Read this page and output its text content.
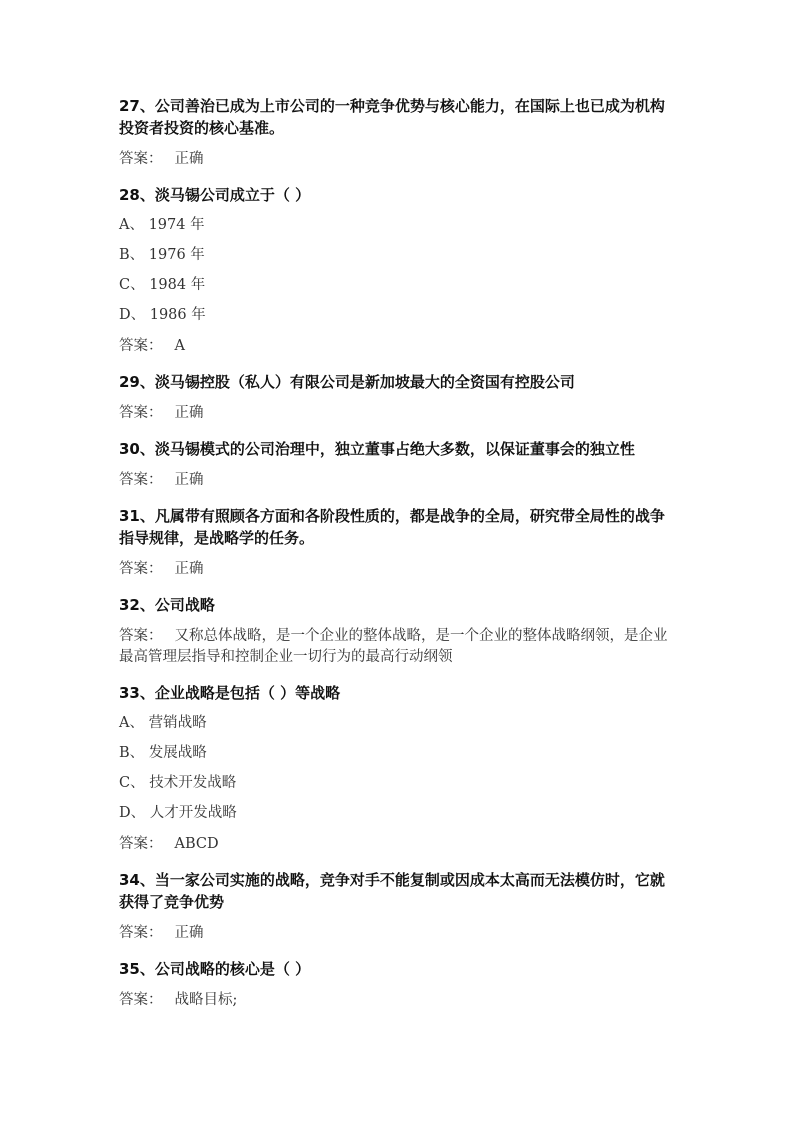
27、公司善治已成为上市公司的一种竞争优势与核心能力，在国际上也已成为机构投资者投资的核心基准。

答案： 正确

28、淡马锡公司成立于（ ）

A、 1974 年

B、 1976 年

C、 1984 年

D、 1986 年

答案： A

29、淡马锡控股（私人）有限公司是新加坡最大的全资国有控股公司

答案： 正确

30、淡马锡模式的公司治理中，独立董事占绝大多数，以保证董事会的独立性

答案： 正确

31、凡属带有照顾各方面和各阶段性质的，都是战争的全局，研究带全局性的战争指导规律，是战略学的任务。

答案： 正确

32、公司战略

答案： 又称总体战略，是一个企业的整体战略，是一个企业的整体战略纲领，是企业最高管理层指导和控制企业一切行为的最高行动纲领

33、企业战略是包括（ ）等战略

A、 营销战略

B、 发展战略

C、 技术开发战略

D、 人才开发战略

答案： ABCD

34、当一家公司实施的战略，竞争对手不能复制或因成本太高而无法模仿时，它就获得了竞争优势

答案： 正确

35、公司战略的核心是（ ）

答案： 战略目标;
